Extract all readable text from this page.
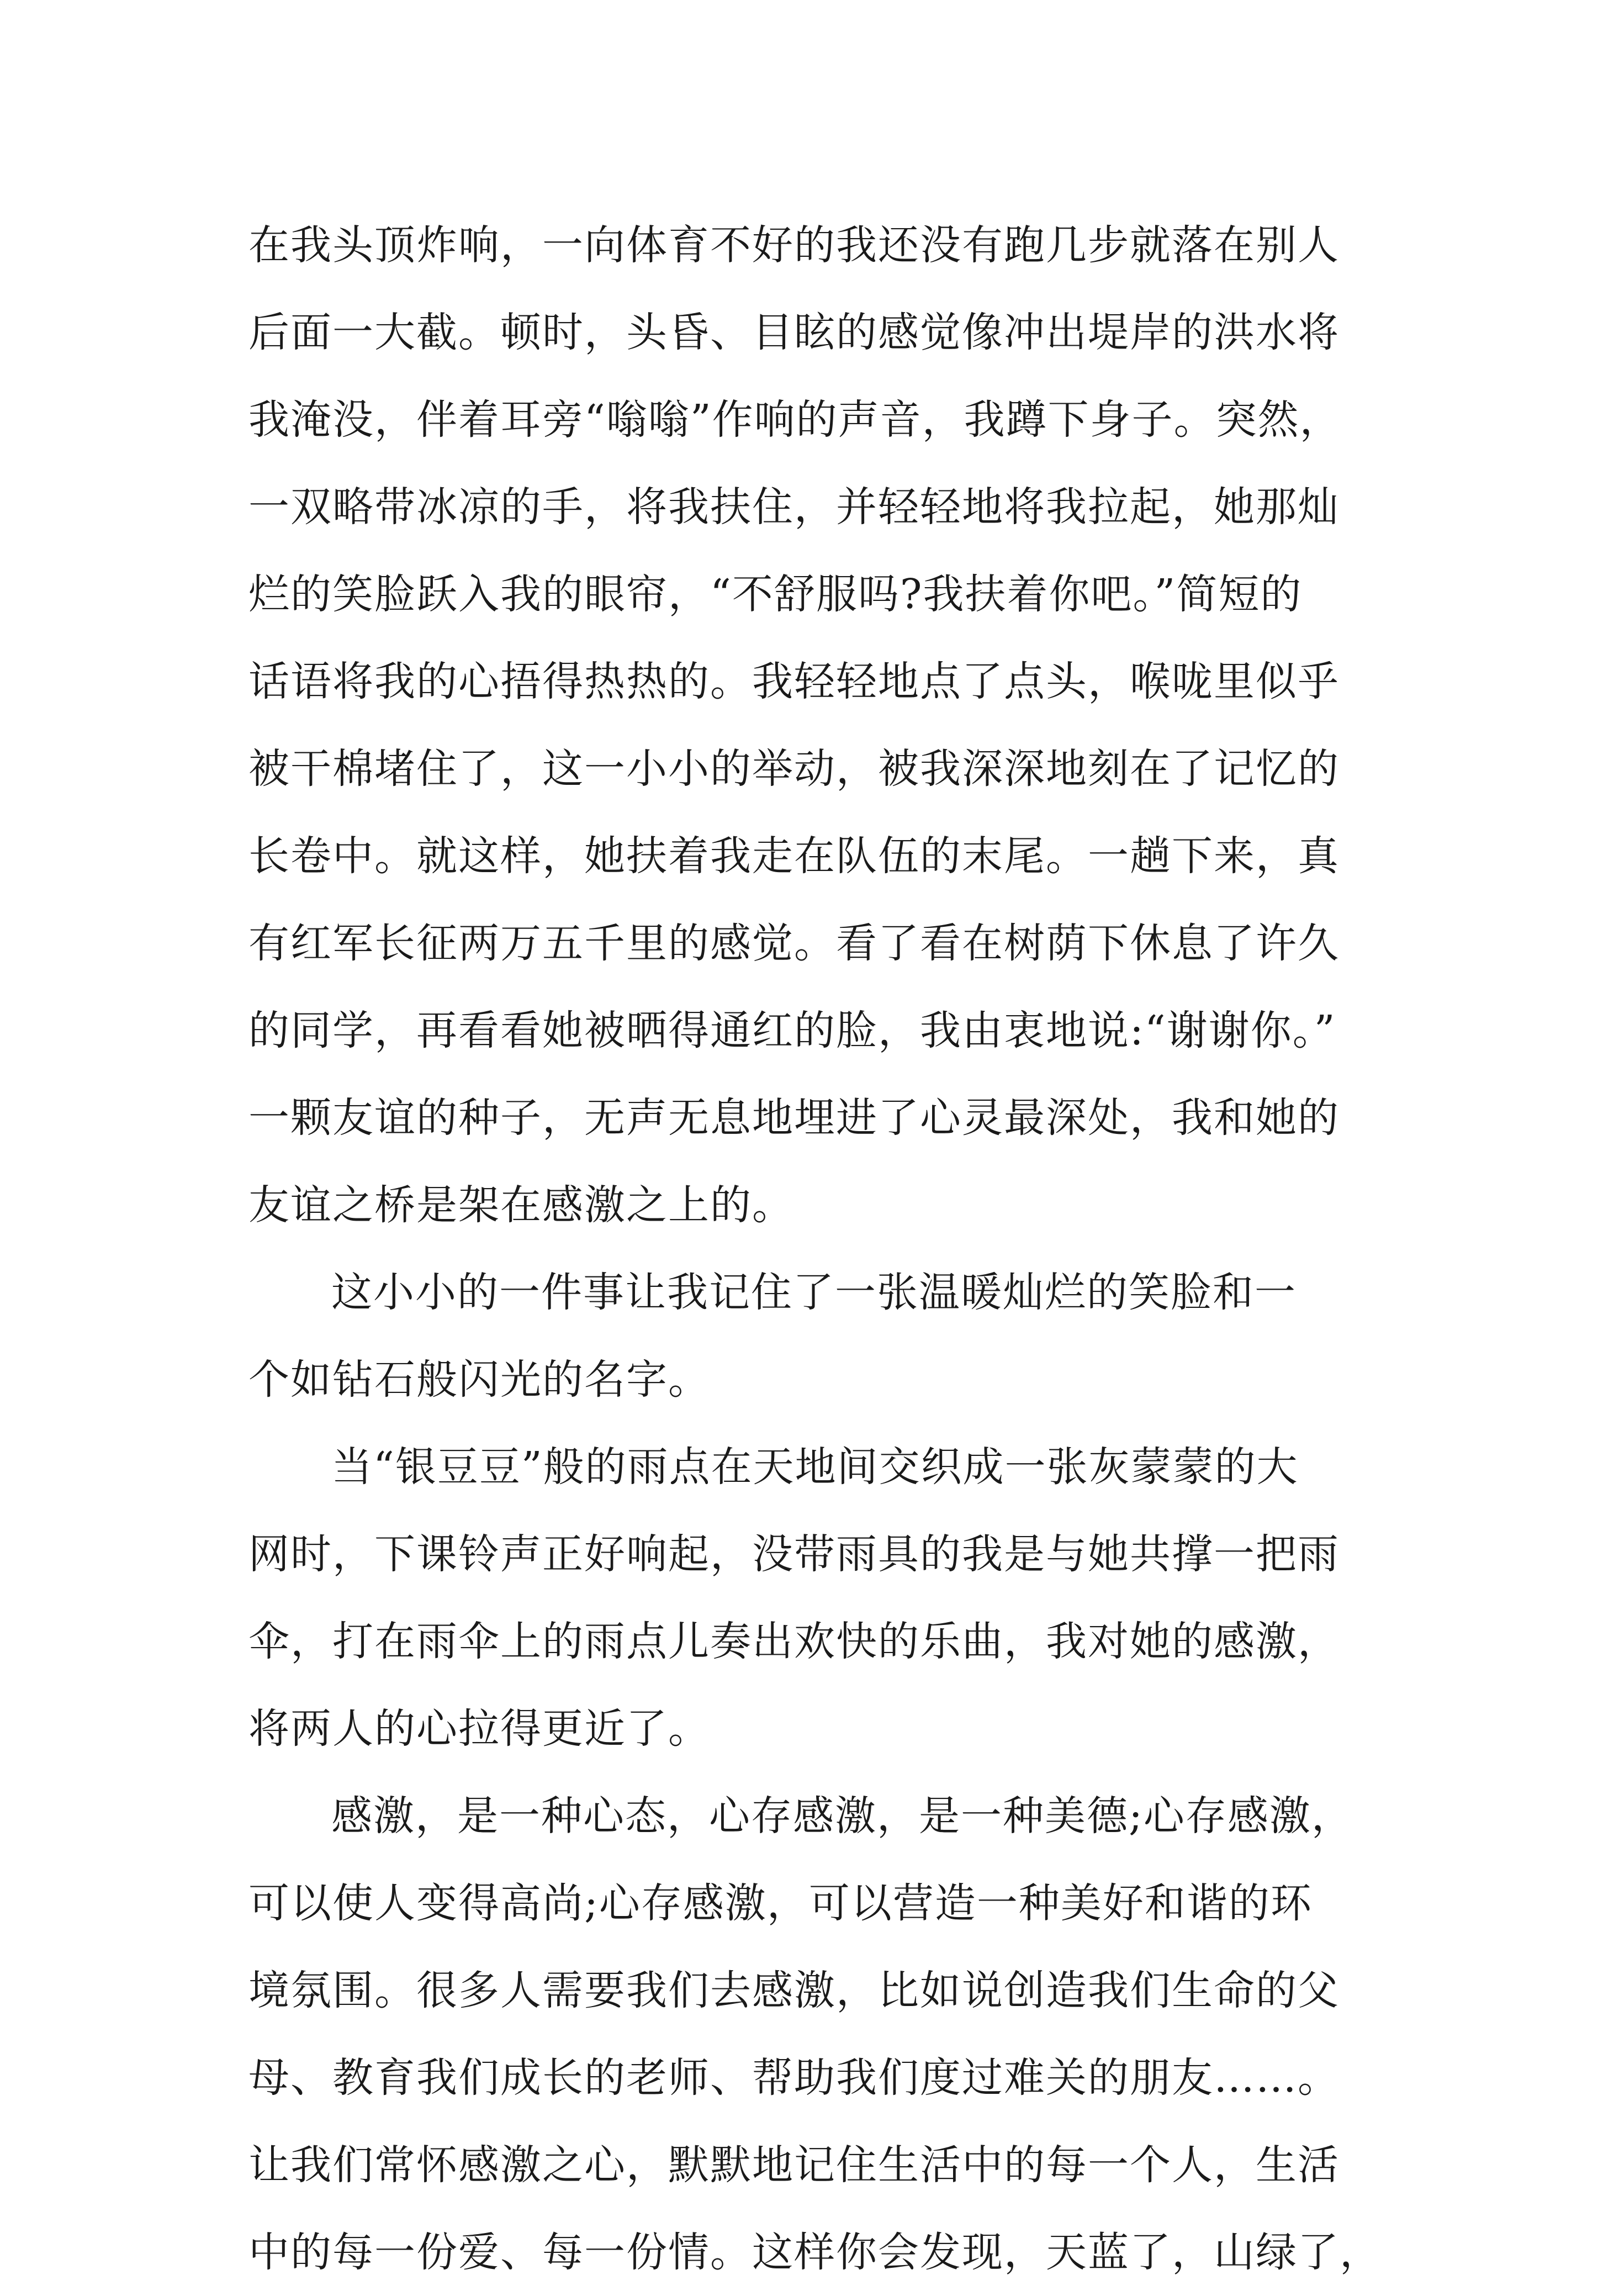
在我头顶炸响，一向体育不好的我还没有跑几步就落在别人
后面一大截。顿时，头昏、目眩的感觉像冲出堤岸的洪水将
我淹没，伴着耳旁“嗡嗡”作响的声音，我蹲下身子。突然，
一双略带冰凉的手，将我扶住，并轻轻地将我拉起，她那灿
烂的笑脸跃入我的眼帘，“不舒服吗?我扶着你吧。”简短的
话语将我的心捂得热热的。我轻轻地点了点头，喉咙里似乎
被干棉堵住了，这一小小的举动，被我深深地刻在了记忆的
长卷中。就这样，她扶着我走在队伍的末尾。一趟下来，真
有红军长征两万五千里的感觉。看了看在树荫下休息了许久
的同学，再看看她被晒得通红的脸，我由衷地说:“谢谢你。”
一颗友谊的种子，无声无息地埋进了心灵最深处，我和她的
友谊之桥是架在感激之上的。
这小小的一件事让我记住了一张温暖灿烂的笑脸和一
个如钻石般闪光的名字。
当“银豆豆”般的雨点在天地间交织成一张灰蒙蒙的大
网时，下课铃声正好响起，没带雨具的我是与她共撑一把雨
伞，打在雨伞上的雨点儿奏出欢快的乐曲，我对她的感激，
将两人的心拉得更近了。
感激，是一种心态，心存感激，是一种美德;心存感激，
可以使人变得高尚;心存感激，可以营造一种美好和谐的环
境氛围。很多人需要我们去感激，比如说创造我们生命的父
母、教育我们成长的老师、帮助我们度过难关的朋友……。
让我们常怀感激之心，默默地记住生活中的每一个人，生活
中的每一份爱、每一份情。这样你会发现，天蓝了，山绿了，
